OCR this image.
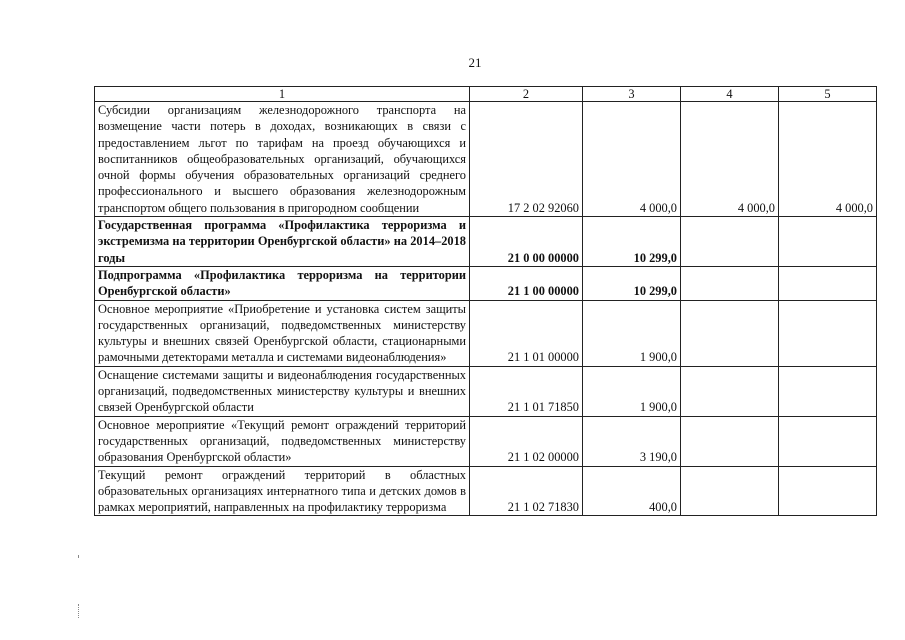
21
1	2	3	4	5
Субсидии организациям железнодорожного транспорта на возмещение части потерь в доходах, возникающих в связи с предоставлением льгот по тарифам на проезд обучающихся и воспитанников общеобразовательных организаций, обучающихся очной формы обучения образовательных организаций среднего профессионального и высшего образования железнодорожным транспортом общего пользования в пригородном сообщении	17 2 02 92060	4 000,0	4 000,0	4 000,0
Государственная программа «Профилактика терроризма и экстремизма на территории Оренбургской области» на 2014–2018 годы	21 0 00 00000	10 299,0		
Подпрограмма «Профилактика терроризма на территории Оренбургской области»	21 1 00 00000	10 299,0		
Основное мероприятие «Приобретение и установка систем защиты государственных организаций, подведомственных министерству культуры и внешних связей Оренбургской области, стационарными рамочными детекторами металла и системами видеонаблюдения»	21 1 01 00000	1 900,0		
Оснащение системами защиты и видеонаблюдения государственных организаций, подведомственных министерству культуры и внешних связей Оренбургской области	21 1 01 71850	1 900,0		
Основное мероприятие «Текущий ремонт ограждений территорий государственных организаций, подведомственных министерству образования Оренбургской области»	21 1 02 00000	3 190,0		
Текущий ремонт ограждений территорий в областных образовательных организациях интернатного типа и детских домов в рамках мероприятий, направленных на профилактику терроризма	21 1 02 71830	400,0		
